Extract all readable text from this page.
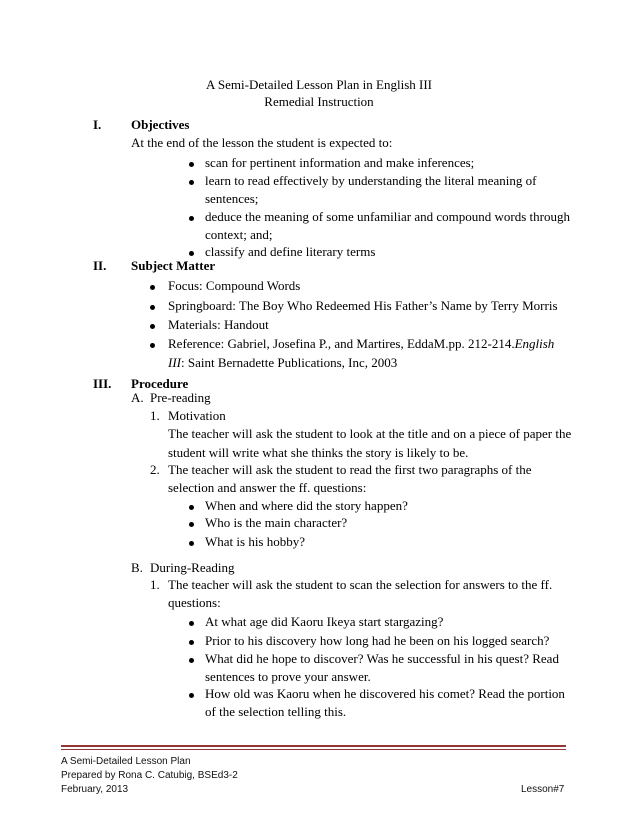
A Semi-Detailed Lesson Plan in English III
Remedial Instruction
I. Objectives
At the end of the lesson the student is expected to:
scan for pertinent information and make inferences;
learn to read effectively by understanding the literal meaning of
sentences;
deduce the meaning of some unfamiliar and compound words through
context; and;
classify and define literary terms
II. Subject Matter
Focus: Compound Words
Springboard: The Boy Who Redeemed His Father’s Name by Terry Morris
Materials: Handout
Reference: Gabriel, Josefina P., and Martires, EddaM.pp. 212-214.English
III: Saint Bernadette Publications, Inc, 2003
III. Procedure
A. Pre-reading
1. Motivation
The teacher will ask the student to look at the title and on a piece of paper the
student will write what she thinks the story is likely to be.
2. The teacher will ask the student to read the first two paragraphs of the
selection and answer the ff. questions:
When and where did the story happen?
Who is the main character?
What is his hobby?
B. During-Reading
1. The teacher will ask the student to scan the selection for answers to the ff.
questions:
At what age did Kaoru Ikeya start stargazing?
Prior to his discovery how long had he been on his logged search?
What did he hope to discover? Was he successful in his quest? Read
sentences to prove your answer.
How old was Kaoru when he discovered his comet? Read the portion
of the selection telling this.
A Semi-Detailed Lesson Plan
Prepared by Rona C. Catubig, BSEd3-2
February, 2013	Lesson#7
